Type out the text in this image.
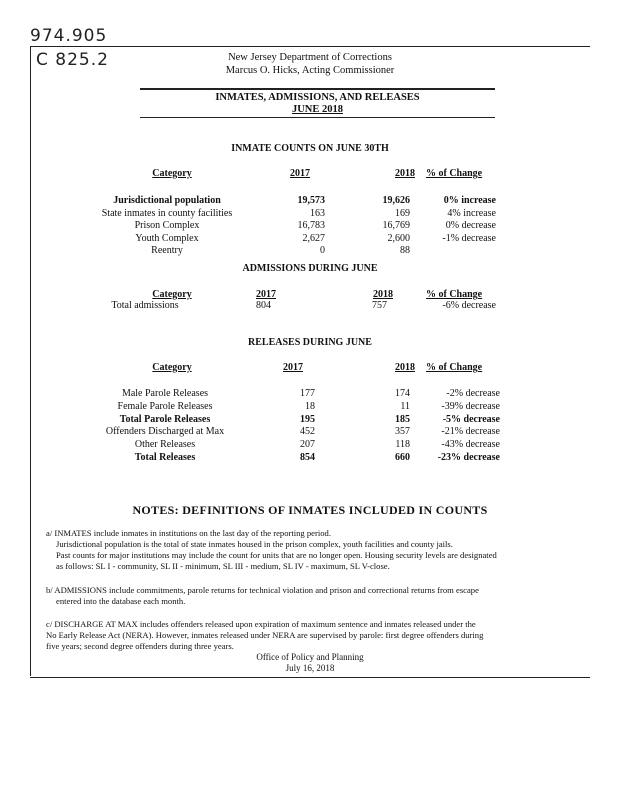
974.905
C 825.2	New Jersey Department of Corrections
Marcus O. Hicks, Acting Commissioner
INMATES, ADMISSIONS, AND RELEASES
JUNE 2018
INMATE COUNTS ON JUNE 30TH
Category	2017	2018 % of Change
Jurisdictional population	19,573	19,626	0% increase
State inmates in county facilities	163	169	4% increase
Prison Complex	16,783	16,769	0% decrease
Youth Complex	2,627	2,600	-1% decrease
Reentry	0	88
ADMISSIONS DURING JUNE
Category	2017	2018	% of Change
Total admissions	804	757	-6% decrease
RELEASES DURING JUNE
Category	2017	2018 % of Change
Male Parole Releases	177	174	-2% decrease
Female Parole Releases	18	11	-39% decrease
Total Parole Releases	195	185	-5% decrease
Offenders Discharged at Max	452	357	-21% decrease
Other Releases	207	118	-43% decrease
Total Releases	854	660	-23% decrease
NOTES: DEFINITIONS OF INMATES INCLUDED IN COUNTS
a/ INMATES include inmates in institutions on the last day of the reporting period.
Jurisdictional population is the total of state inmates housed in the prison complex, youth facilities and county jails.
Past counts for major institutions may include the count for units that are no longer open. Housing security levels are designated
as follows: SL I - community, SL II - minimum, SL III - medium, SL IV - maximum, SL V-close.
b/ ADMISSIONS include commitments, parole returns for technical violation and prison and correctional returns from escape
entered into the database each month.
c/ DISCHARGE AT MAX includes offenders released upon expiration of maximum sentence and inmates released under the
No Early Release Act (NERA). However, inmates released under NERA are supervised by parole: first degree offenders during
five years; second degree offenders during three years.
Office of Policy and Planning
July 16, 2018
